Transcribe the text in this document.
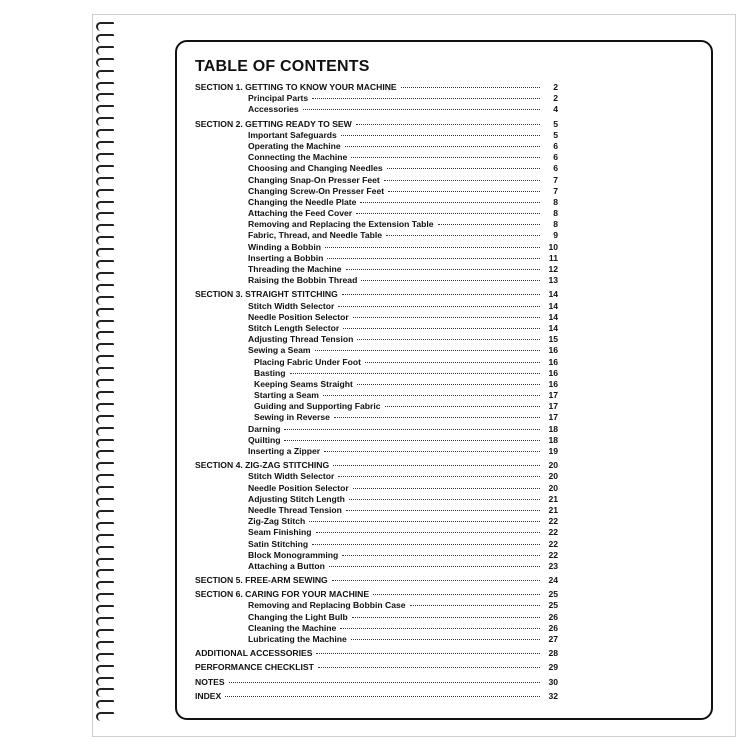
TABLE OF CONTENTS
SECTION 1. GETTING TO KNOW YOUR MACHINE	2
Principal Parts	2
Accessories	4
SECTION 2. GETTING READY TO SEW	5
Important Safeguards	5
Operating the Machine	6
Connecting the Machine	6
Choosing and Changing Needles	6
Changing Snap-On Presser Feet	7
Changing Screw-On Presser Feet	7
Changing the Needle Plate	8
Attaching the Feed Cover	8
Removing and Replacing the Extension Table	8
Fabric, Thread, and Needle Table	9
Winding a Bobbin	10
Inserting a Bobbin	11
Threading the Machine	12
Raising the Bobbin Thread	13
SECTION 3. STRAIGHT STITCHING	14
Stitch Width Selector	14
Needle Position Selector	14
Stitch Length Selector	14
Adjusting Thread Tension	15
Sewing a Seam	16
Placing Fabric Under Foot	16
Basting	16
Keeping Seams Straight	16
Starting a Seam	17
Guiding and Supporting Fabric	17
Sewing in Reverse	17
Darning	18
Quilting	18
Inserting a Zipper	19
SECTION 4. ZIG-ZAG STITCHING	20
Stitch Width Selector	20
Needle Position Selector	20
Adjusting Stitch Length	21
Needle Thread Tension	21
Zig-Zag Stitch	22
Seam Finishing	22
Satin Stitching	22
Block Monogramming	22
Attaching a Button	23
SECTION 5. FREE-ARM SEWING	24
SECTION 6. CARING FOR YOUR MACHINE	25
Removing and Replacing Bobbin Case	25
Changing the Light Bulb	26
Cleaning the Machine	26
Lubricating the Machine	27
ADDITIONAL ACCESSORIES	28
PERFORMANCE CHECKLIST	29
NOTES	30
INDEX	32
